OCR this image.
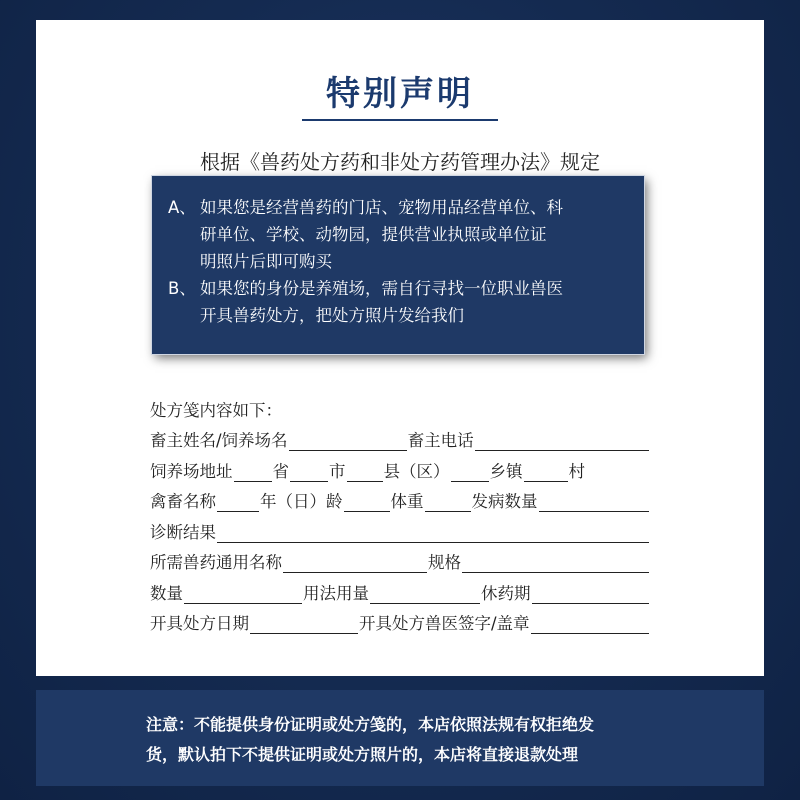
特别声明
根据《兽药处方药和非处方药管理办法》规定
A、 如果您是经营兽药的门店、宠物用品经营单位、科
研单位、学校、动物园，提供营业执照或单位证
明照片后即可购买
B、 如果您的身份是养殖场，需自行寻找一位职业兽医
开具兽药处方，把处方照片发给我们
处方笺内容如下：
畜主姓名/饲养场名	畜主电话
饲养场地址 省 市 县（区） 乡镇	村
禽畜名称	年（日）龄	体重	发病数量
诊断结果
所需兽药通用名称	规格
数量	用法用量	休药期
开具处方日期	开具处方兽医签字/盖章
注意：不能提供身份证明或处方笺的，本店依照法规有权拒绝发
货，默认拍下不提供证明或处方照片的，本店将直接退款处理
